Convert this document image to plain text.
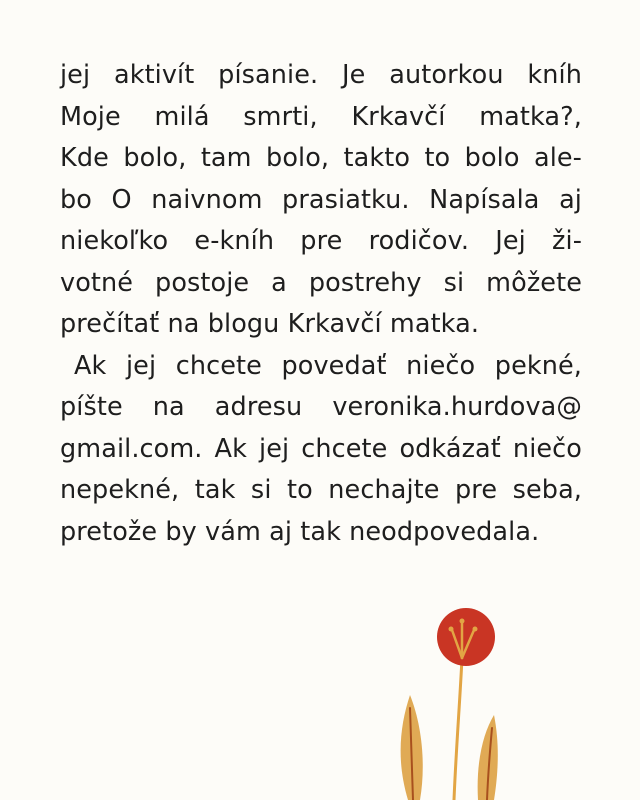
jej aktivít písanie. Je autorkou kníh
Moje milá smrti, Krkavčí matka?,
Kde bolo, tam bolo, takto to bolo ale-
bo O naivnom prasiatku. Napísala aj
niekoľko e-kníh pre rodičov. Jej ži-
votné postoje a postrehy si môžete
prečítať na blogu Krkavčí matka.
Ak jej chcete povedať niečo pekné,
píšte na adresu veronika.hurdova@
gmail.com. Ak jej chcete odkázať niečo
nepekné, tak si to nechajte pre seba,
pretože by vám aj tak neodpovedala.
